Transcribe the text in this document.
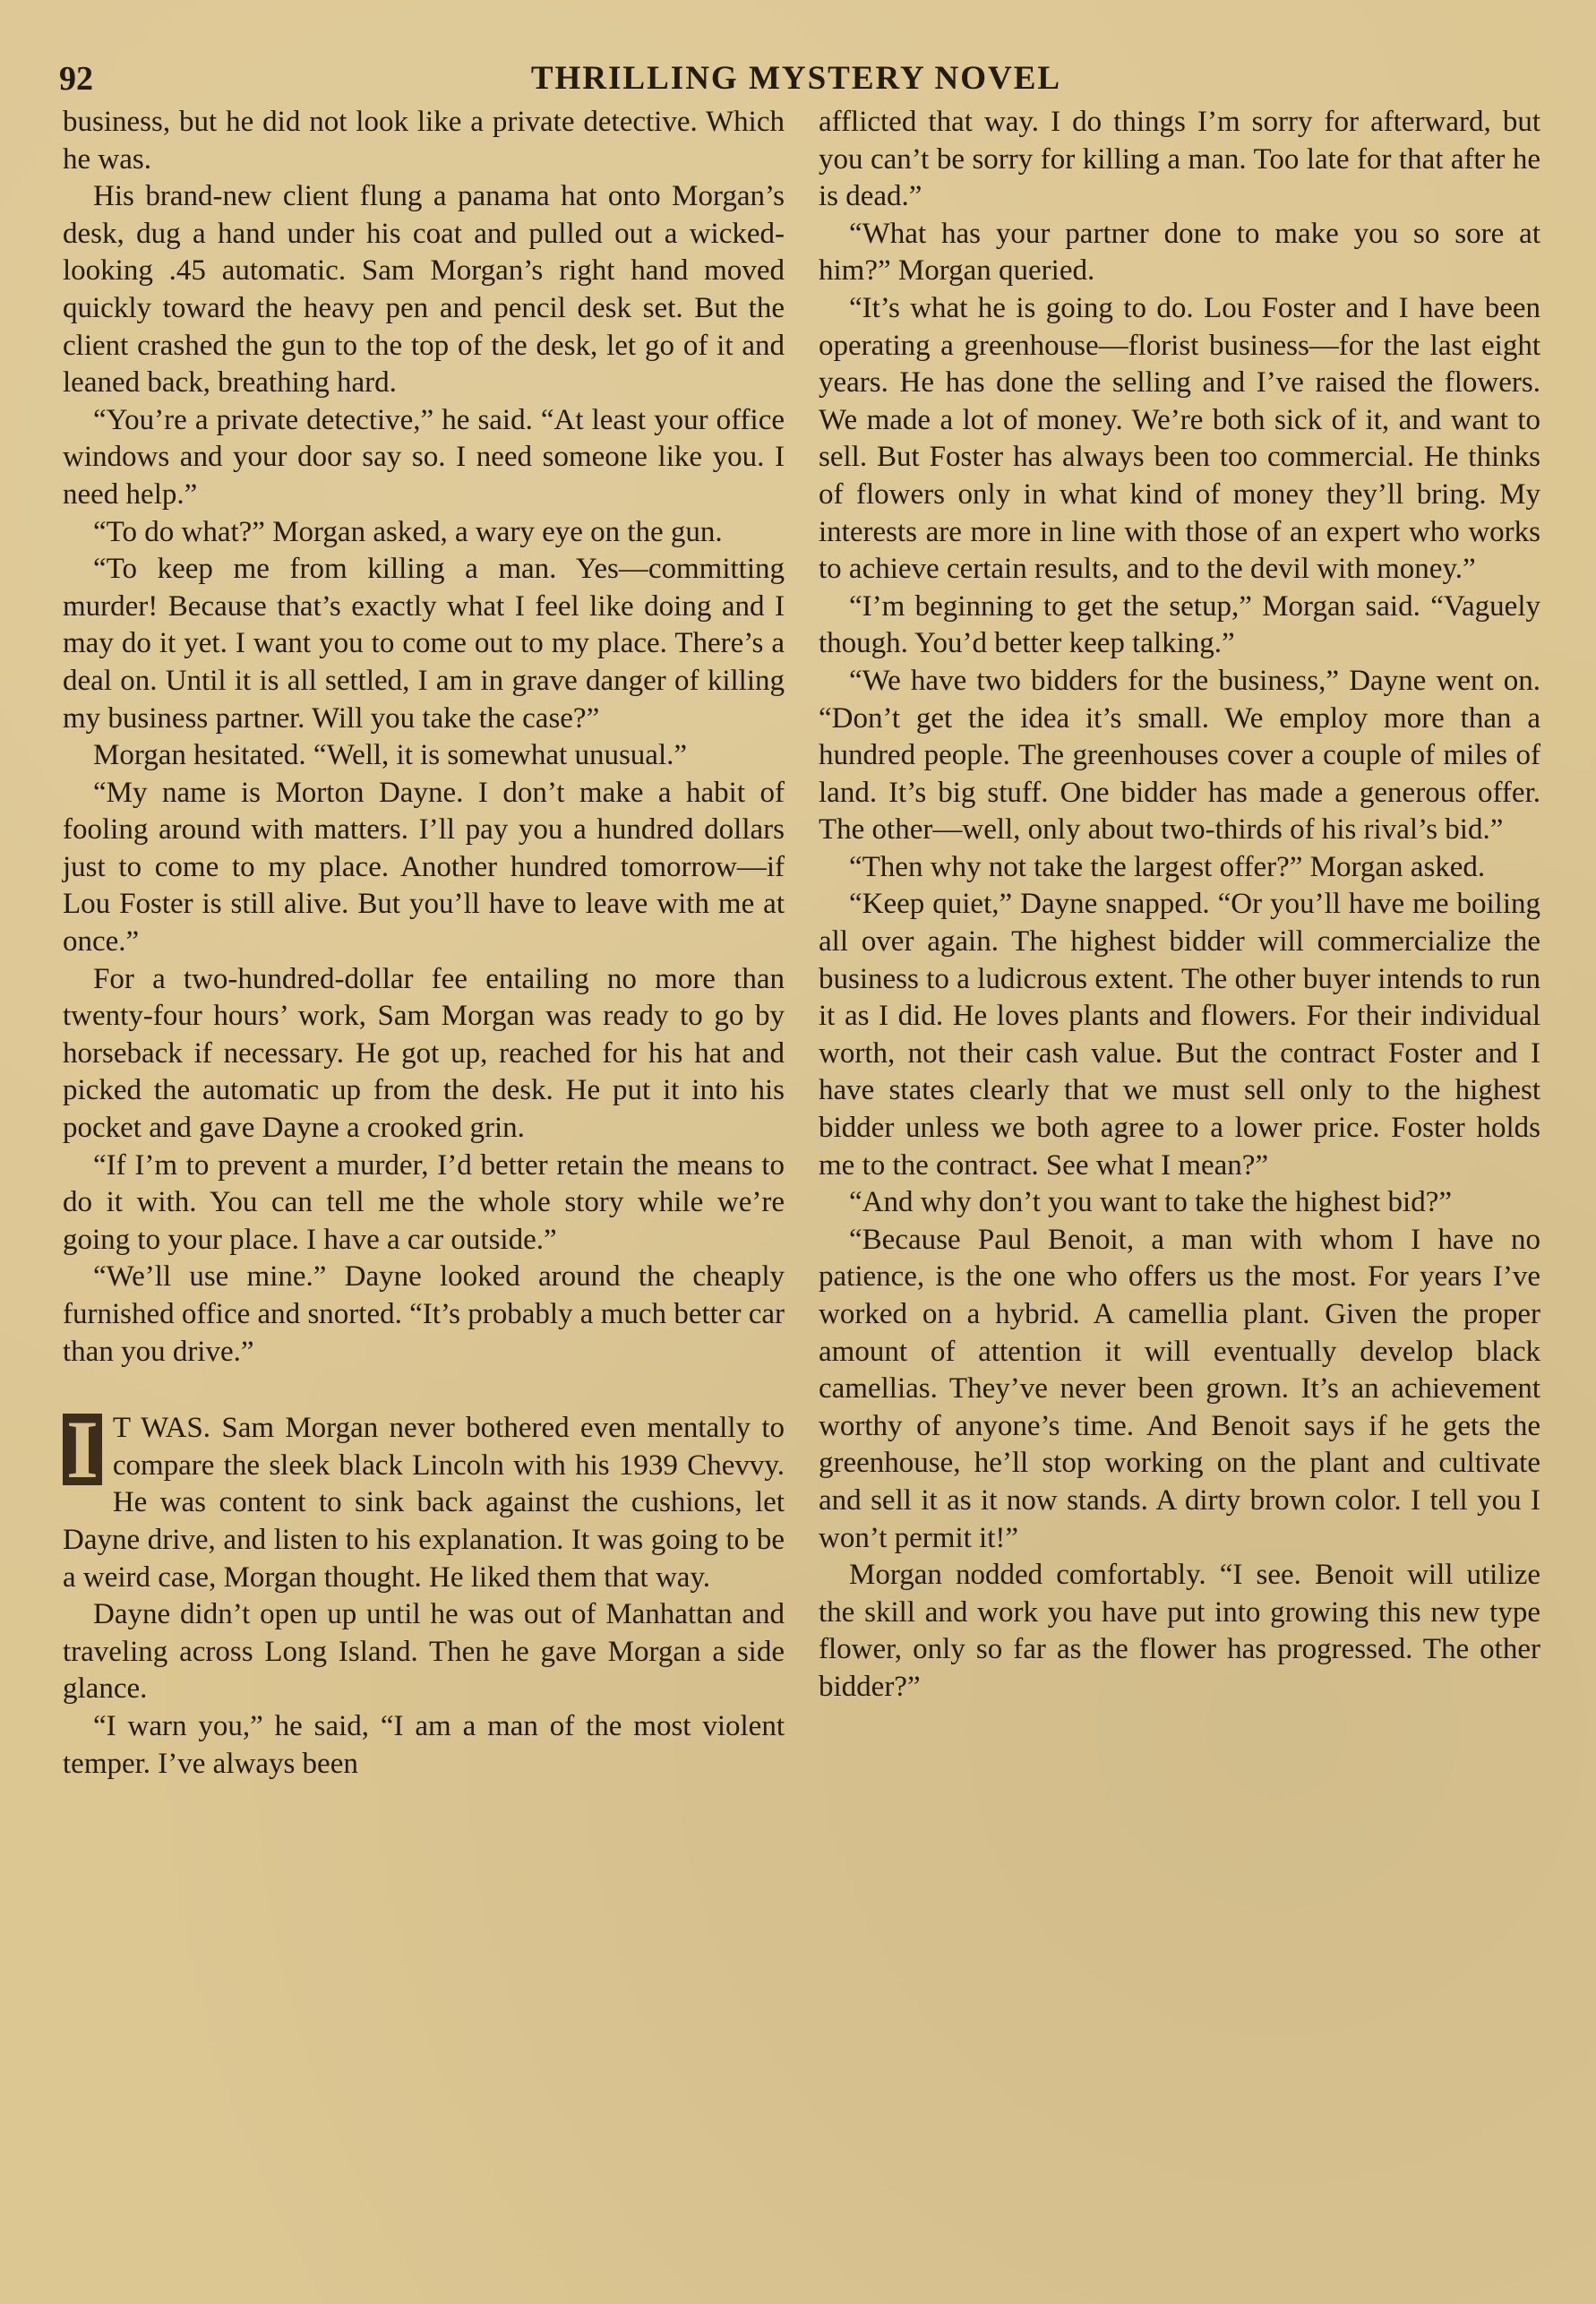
92	THRILLING MYSTERY NOVEL

business, but he did not look like a private detective. Which he was.

His brand-new client flung a panama hat onto Morgan’s desk, dug a hand under his coat and pulled out a wicked-looking .45 automatic. Sam Morgan’s right hand moved quickly toward the heavy pen and pencil desk set. But the client crashed the gun to the top of the desk, let go of it and leaned back, breathing hard.

“You’re a private detective,” he said. “At least your office windows and your door say so. I need someone like you. I need help.”

“To do what?” Morgan asked, a wary eye on the gun.

“To keep me from killing a man. Yes—committing murder! Because that’s exactly what I feel like doing and I may do it yet. I want you to come out to my place. There’s a deal on. Until it is all settled, I am in grave danger of killing my business partner. Will you take the case?”

Morgan hesitated. “Well, it is somewhat unusual.”

“My name is Morton Dayne. I don’t make a habit of fooling around with matters. I’ll pay you a hundred dollars just to come to my place. Another hundred tomorrow—if Lou Foster is still alive. But you’ll have to leave with me at once.”

For a two-hundred-dollar fee entailing no more than twenty-four hours’ work, Sam Morgan was ready to go by horseback if necessary. He got up, reached for his hat and picked the automatic up from the desk. He put it into his pocket and gave Dayne a crooked grin.

“If I’m to prevent a murder, I’d better retain the means to do it with. You can tell me the whole story while we’re going to your place. I have a car outside.”

“We’ll use mine.” Dayne looked around the cheaply furnished office and snorted. “It’s probably a much better car than you drive.”

I T WAS. Sam Morgan never bothered even mentally to compare the sleek black Lincoln with his 1939 Chevvy. He was content to sink back against the cushions, let Dayne drive, and listen to his explanation. It was going to be a weird case, Morgan thought. He liked them that way.

Dayne didn’t open up until he was out of Manhattan and traveling across Long Island. Then he gave Morgan a side glance.

“I warn you,” he said, “I am a man of the most violent temper. I’ve always been

afflicted that way. I do things I’m sorry for afterward, but you can’t be sorry for killing a man. Too late for that after he is dead.”

“What has your partner done to make you so sore at him?” Morgan queried.

“It’s what he is going to do. Lou Foster and I have been operating a greenhouse—florist business—for the last eight years. He has done the selling and I’ve raised the flowers. We made a lot of money. We’re both sick of it, and want to sell. But Foster has always been too commercial. He thinks of flowers only in what kind of money they’ll bring. My interests are more in line with those of an expert who works to achieve certain results, and to the devil with money.”

“I’m beginning to get the setup,” Morgan said. “Vaguely though. You’d better keep talking.”

“We have two bidders for the business,” Dayne went on. “Don’t get the idea it’s small. We employ more than a hundred people. The greenhouses cover a couple of miles of land. It’s big stuff. One bidder has made a generous offer. The other—well, only about two-thirds of his rival’s bid.”

“Then why not take the largest offer?” Morgan asked.

“Keep quiet,” Dayne snapped. “Or you’ll have me boiling all over again. The highest bidder will commercialize the business to a ludicrous extent. The other buyer intends to run it as I did. He loves plants and flowers. For their individual worth, not their cash value. But the contract Foster and I have states clearly that we must sell only to the highest bidder unless we both agree to a lower price. Foster holds me to the contract. See what I mean?”

“And why don’t you want to take the highest bid?”

“Because Paul Benoit, a man with whom I have no patience, is the one who offers us the most. For years I’ve worked on a hybrid. A camellia plant. Given the proper amount of attention it will eventually develop black camellias. They’ve never been grown. It’s an achievement worthy of anyone’s time. And Benoit says if he gets the greenhouse, he’ll stop working on the plant and cultivate and sell it as it now stands. A dirty brown color. I tell you I won’t permit it!”

Morgan nodded comfortably. “I see. Benoit will utilize the skill and work you have put into growing this new type flower, only so far as the flower has progressed. The other bidder?”
